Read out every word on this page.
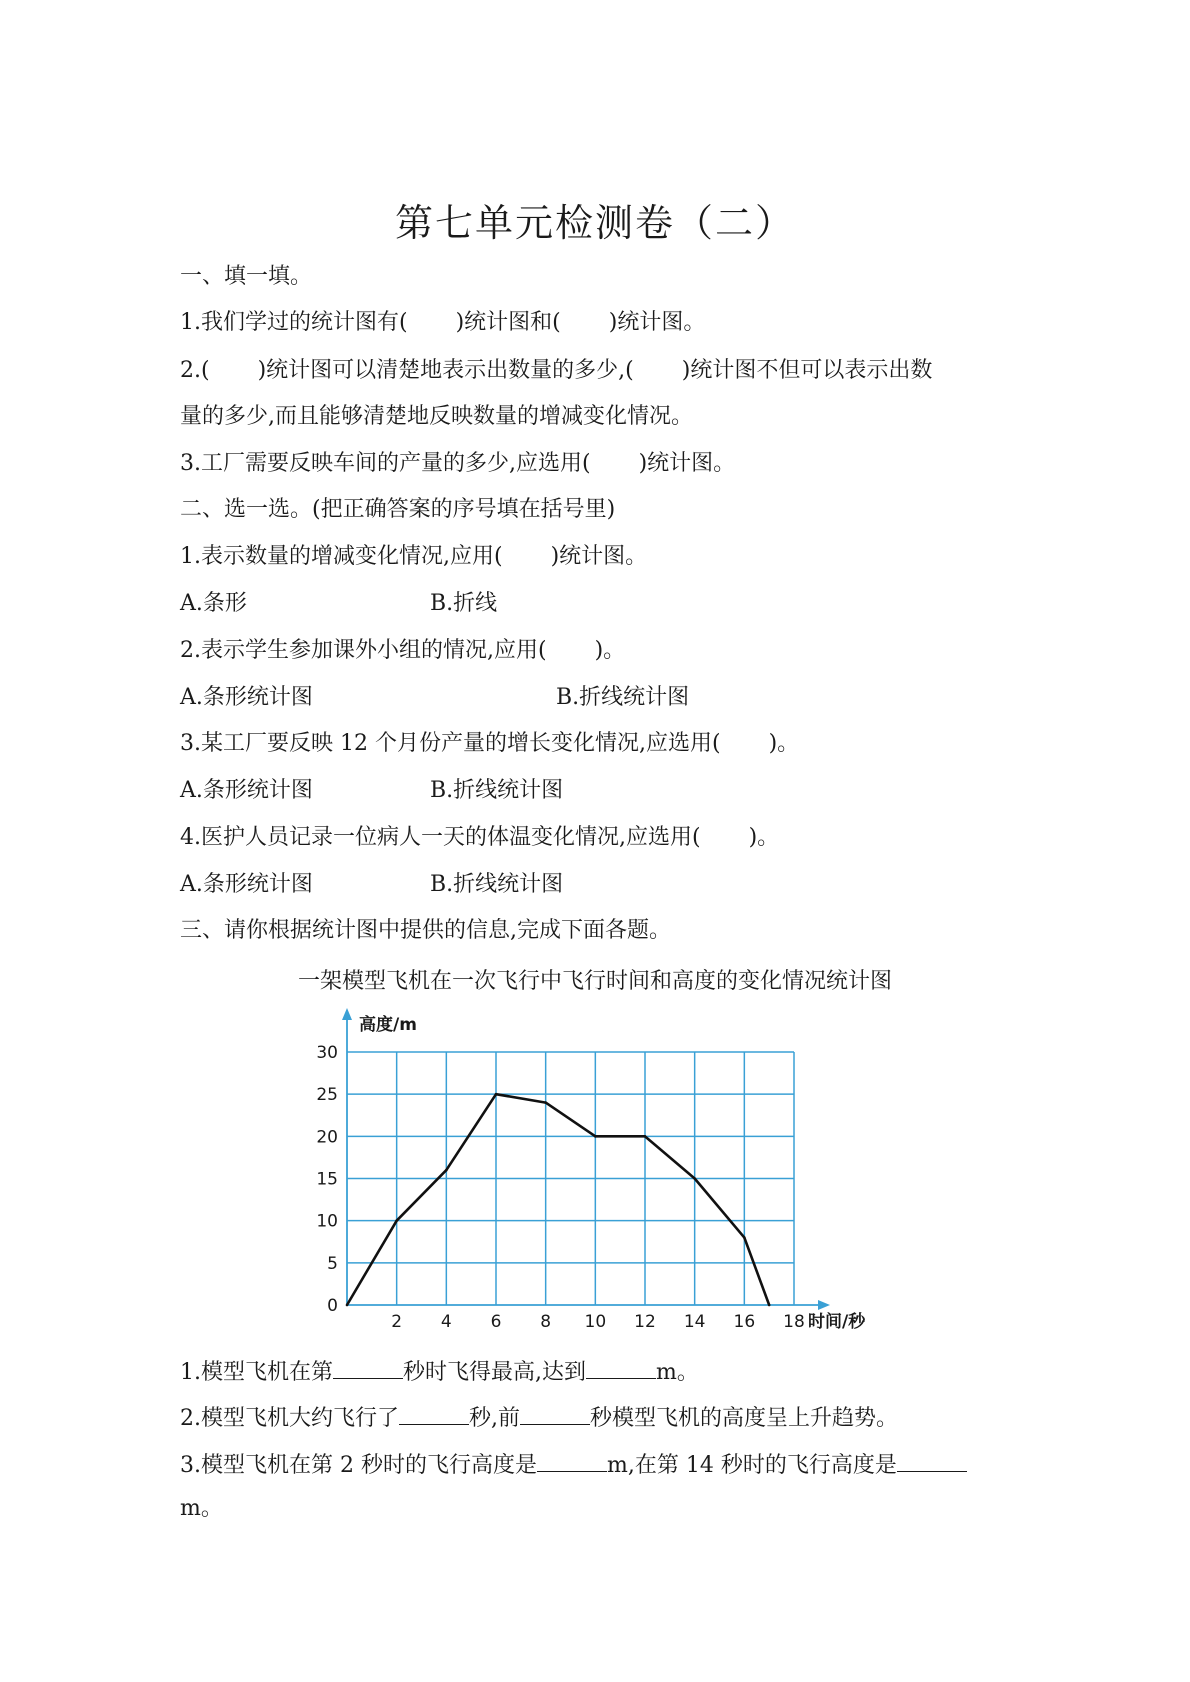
第七单元检测卷（二）
一、填一填。
1.我们学过的统计图有( )统计图和( )统计图。
2.( )统计图可以清楚地表示出数量的多少,( )统计图不但可以表示出数
量的多少,而且能够清楚地反映数量的增减变化情况。
3.工厂需要反映车间的产量的多少,应选用( )统计图。
二、选一选。(把正确答案的序号填在括号里)
1.表示数量的增减变化情况,应用( )统计图。
A.条形	B.折线
2.表示学生参加课外小组的情况,应用( )。
A.条形统计图	B.折线统计图
3.某工厂要反映 12 个月份产量的增长变化情况,应选用( )。
A.条形统计图	B.折线统计图
4.医护人员记录一位病人一天的体温变化情况,应选用( )。
A.条形统计图	B.折线统计图
三、请你根据统计图中提供的信息,完成下面各题。
一架模型飞机在一次飞行中飞行时间和高度的变化情况统计图
0
5
10
15
20
25
30
2 4 6 8 10 12 14 16 18
高度/m
时间/秒
1.模型飞机在第	秒时飞得最高,达到	m。
2.模型飞机大约飞行了	秒,前	秒模型飞机的高度呈上升趋势。
3.模型飞机在第 2 秒时的飞行高度是	m,在第 14 秒时的飞行高度是
m。
